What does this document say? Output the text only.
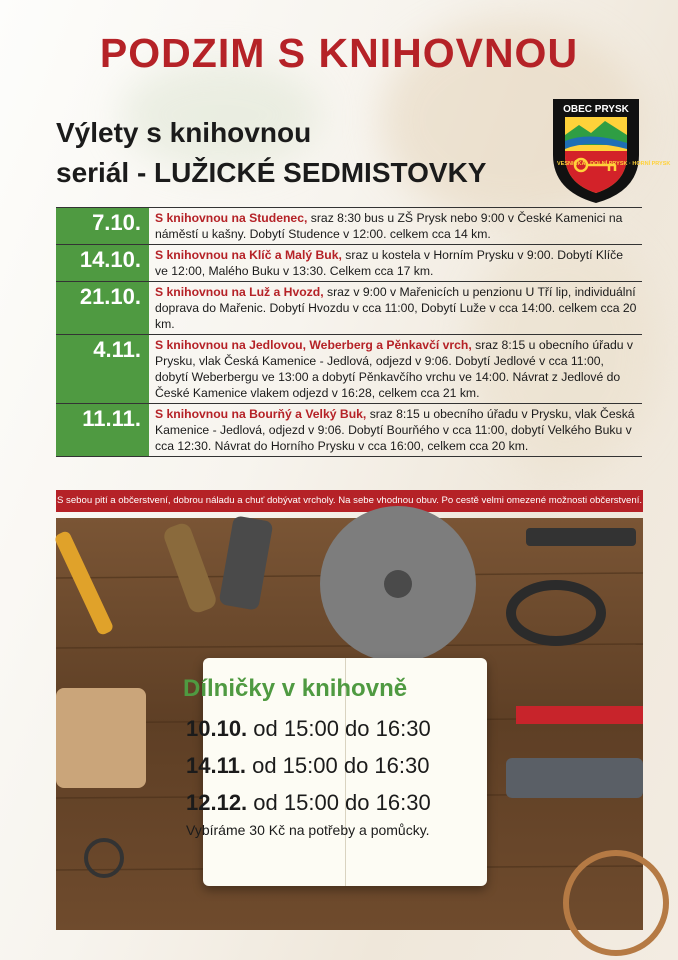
PODZIM S KNIHOVNOU
Výlety s knihovnou
seriál - LUŽICKÉ SEDMISTOVKY
OBEC PRYSK
VESNIČKA · DOLNÍ PRYSK · HORNÍ PRYSK
7.10.	S knihovnou na Studenec, sraz 8:30 bus u ZŠ Prysk nebo 9:00 v České Kamenici na náměstí u kašny. Dobytí Studence v 12:00. celkem cca 14 km.
14.10.	S knihovnou na Klíč a Malý Buk, sraz u kostela v Horním Prysku v 9:00. Dobytí Klíče ve 12:00, Malého Buku v 13:30. Celkem cca 17 km.
21.10.	S knihovnou na Luž a Hvozd, sraz v 9:00 v Mařenicích u penzionu U Tří lip, individuální doprava do Mařenic. Dobytí Hvozdu v cca 11:00, Dobytí Luže v cca 14:00. celkem cca 20 km.
4.11.	S knihovnou na Jedlovou, Weberberg a Pěnkavčí vrch, sraz 8:15 u obecního úřadu v Prysku, vlak Česká Kamenice - Jedlová, odjezd v 9:06. Dobytí Jedlové v cca 11:00, dobytí Weberbergu ve 13:00 a dobytí Pěnkavčího vrchu ve 14:00. Návrat z Jedlové do České Kamenice vlakem odjezd v 16:28, celkem cca 21 km.
11.11.	S knihovnou na Bourňý a Velký Buk, sraz 8:15 u obecního úřadu v Prysku, vlak Česká Kamenice - Jedlová, odjezd v 9:06. Dobytí Bourňého v cca 11:00, dobytí Velkého Buku v cca 12:30. Návrat do Horního Prysku v cca 16:00, celkem cca 20 km.
S sebou pití a občerstvení, dobrou náladu a chuť dobývat vrcholy. Na sebe vhodnou obuv. Po cestě velmi omezené možnosti občerstvení.
Dílničky v knihovně
10.10. od 15:00 do 16:30
14.11. od 15:00 do 16:30
12.12. od 15:00 do 16:30
Vybíráme 30 Kč na potřeby a pomůcky.
